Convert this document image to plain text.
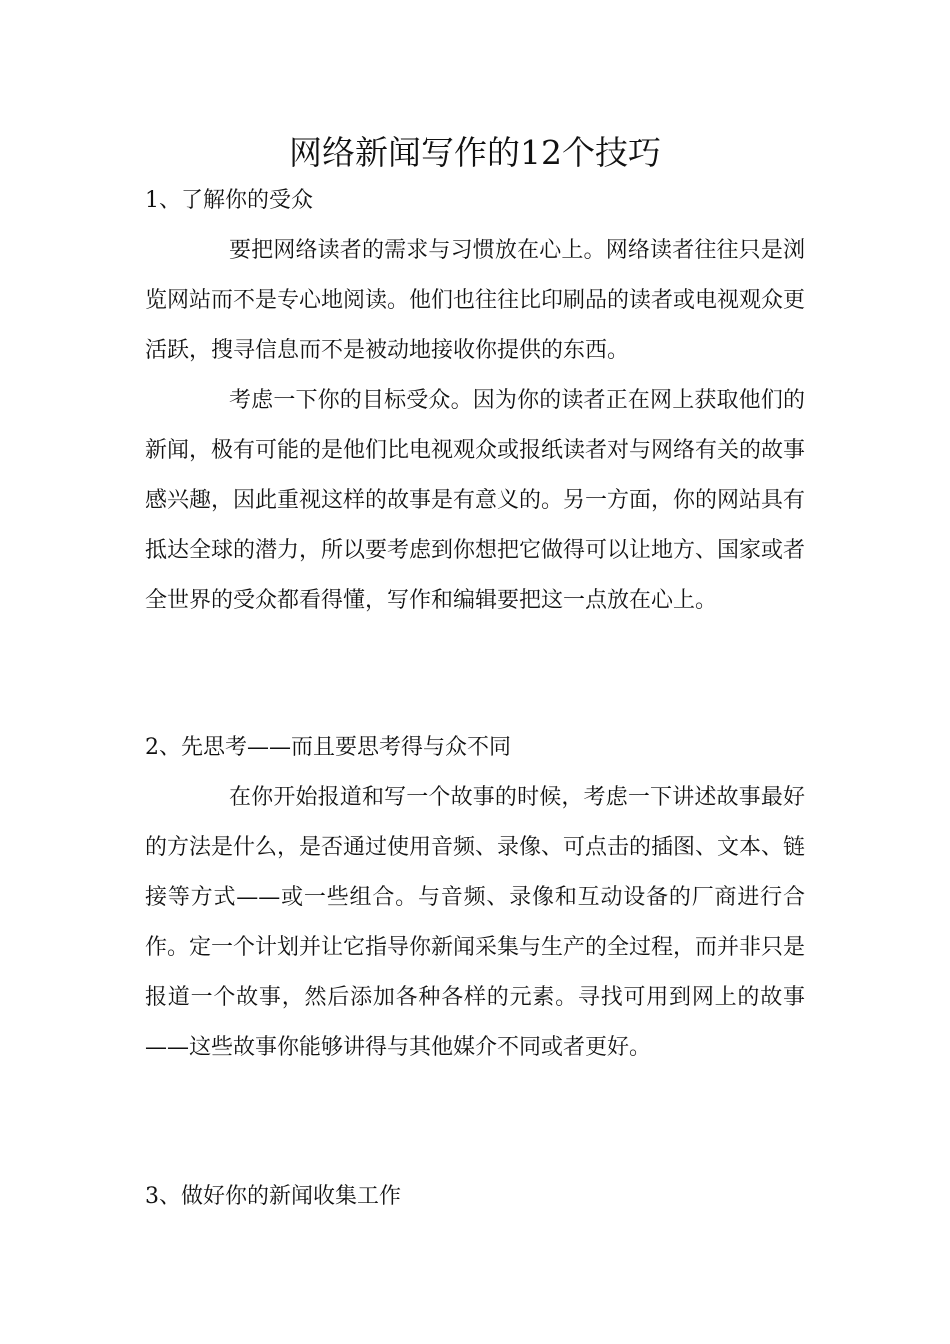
网络新闻写作的12个技巧
1、了解你的受众

要把网络读者的需求与习惯放在心上。网络读者往往只是浏览网站而不是专心地阅读。他们也往往比印刷品的读者或电视观众更活跃，搜寻信息而不是被动地接收你提供的东西。

考虑一下你的目标受众。因为你的读者正在网上获取他们的新闻，极有可能的是他们比电视观众或报纸读者对与网络有关的故事感兴趣，因此重视这样的故事是有意义的。另一方面，你的网站具有抵达全球的潜力，所以要考虑到你想把它做得可以让地方、国家或者全世界的受众都看得懂，写作和编辑要把这一点放在心上。

2、先思考——而且要思考得与众不同

在你开始报道和写一个故事的时候，考虑一下讲述故事最好的方法是什么，是否通过使用音频、录像、可点击的插图、文本、链接等方式——或一些组合。与音频、录像和互动设备的厂商进行合作。定一个计划并让它指导你新闻采集与生产的全过程，而并非只是报道一个故事，然后添加各种各样的元素。寻找可用到网上的故事——这些故事你能够讲得与其他媒介不同或者更好。

3、做好你的新闻收集工作
